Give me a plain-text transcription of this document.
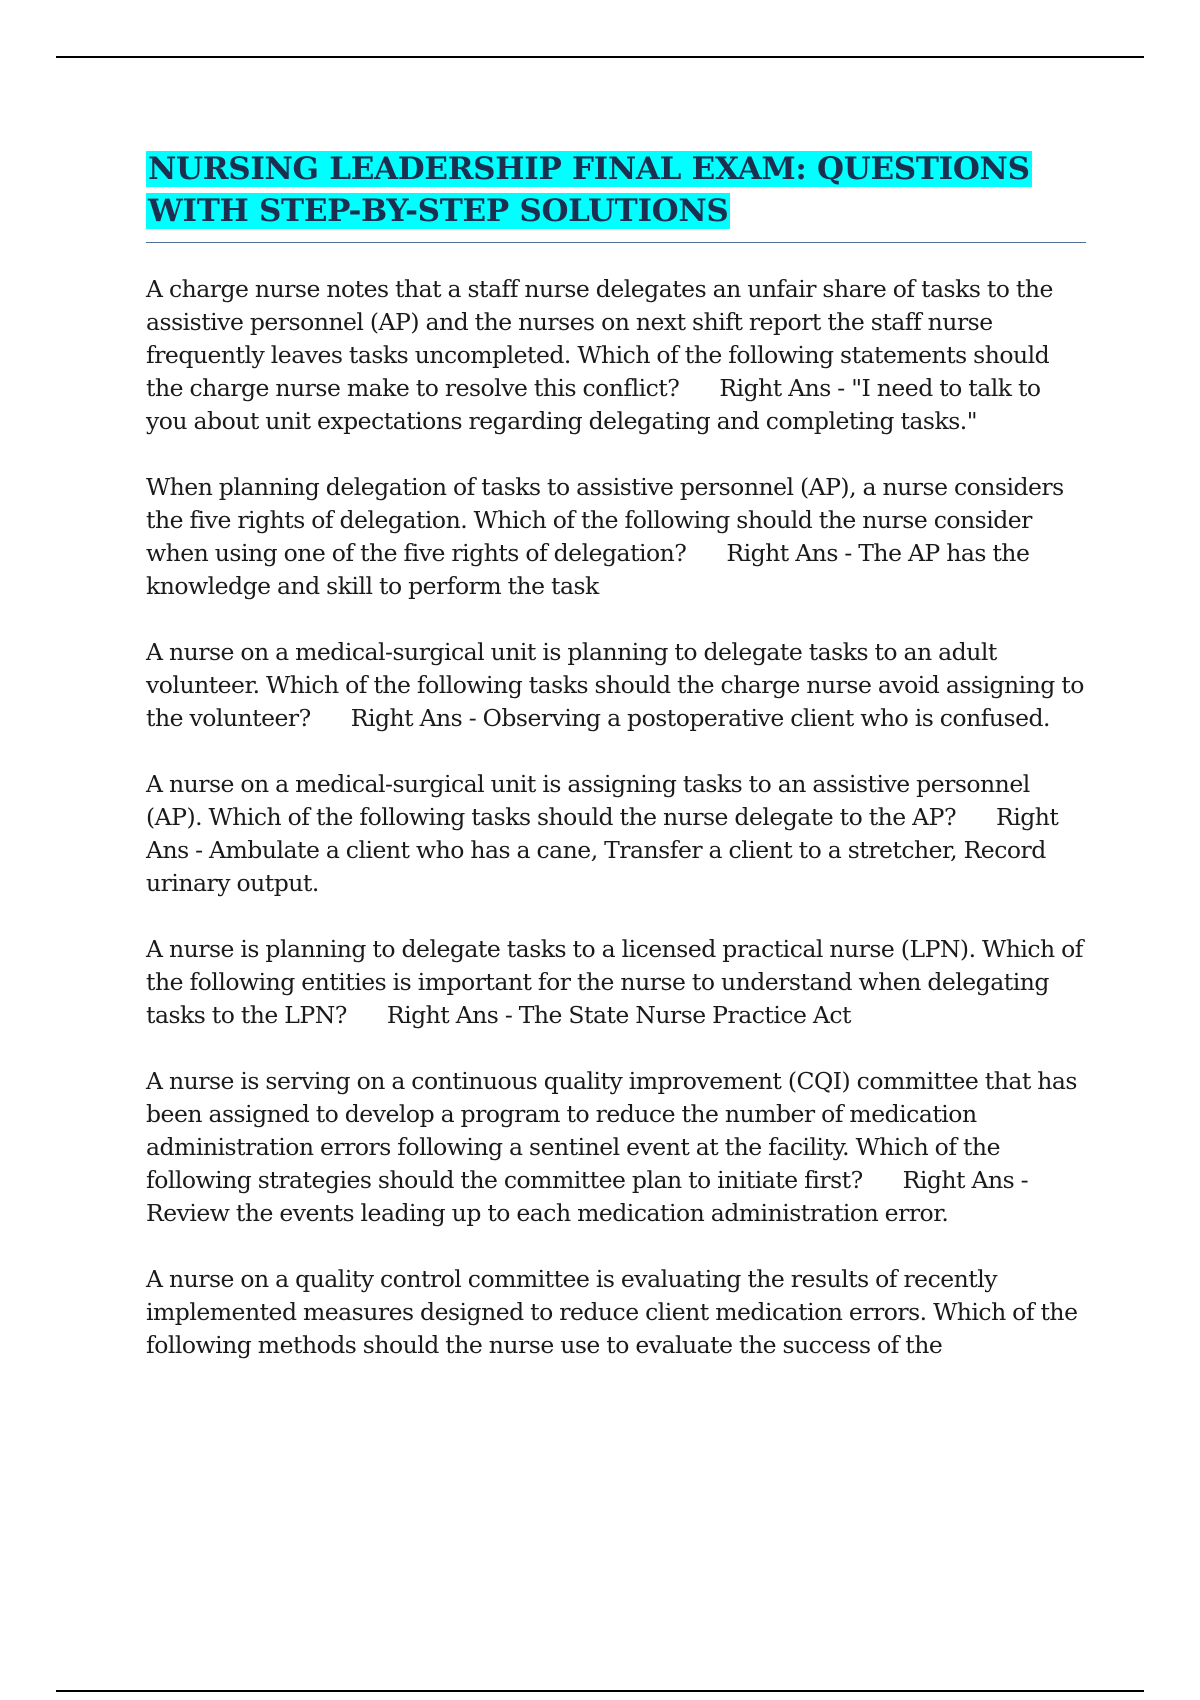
NURSING LEADERSHIP FINAL EXAM: QUESTIONS WITH STEP-BY-STEP SOLUTIONS

A charge nurse notes that a staff nurse delegates an unfair share of tasks to the assistive personnel (AP) and the nurses on next shift report the staff nurse frequently leaves tasks uncompleted. Which of the following statements should the charge nurse make to resolve this conflict? Right Ans - "I need to talk to you about unit expectations regarding delegating and completing tasks."

When planning delegation of tasks to assistive personnel (AP), a nurse considers the five rights of delegation. Which of the following should the nurse consider when using one of the five rights of delegation? Right Ans - The AP has the knowledge and skill to perform the task

A nurse on a medical-surgical unit is planning to delegate tasks to an adult volunteer. Which of the following tasks should the charge nurse avoid assigning to the volunteer? Right Ans - Observing a postoperative client who is confused.

A nurse on a medical-surgical unit is assigning tasks to an assistive personnel (AP). Which of the following tasks should the nurse delegate to the AP? Right Ans - Ambulate a client who has a cane, Transfer a client to a stretcher, Record urinary output.

A nurse is planning to delegate tasks to a licensed practical nurse (LPN). Which of the following entities is important for the nurse to understand when delegating tasks to the LPN? Right Ans - The State Nurse Practice Act

A nurse is serving on a continuous quality improvement (CQI) committee that has been assigned to develop a program to reduce the number of medication administration errors following a sentinel event at the facility. Which of the following strategies should the committee plan to initiate first? Right Ans - Review the events leading up to each medication administration error.

A nurse on a quality control committee is evaluating the results of recently implemented measures designed to reduce client medication errors. Which of the following methods should the nurse use to evaluate the success of the
